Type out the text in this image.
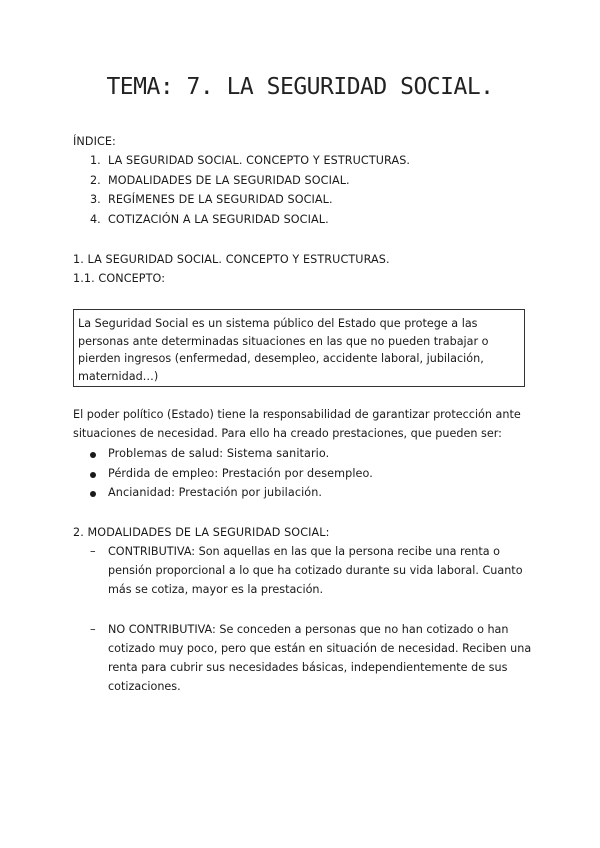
TEMA: 7. LA SEGURIDAD SOCIAL.
ÍNDICE:
1. LA SEGURIDAD SOCIAL. CONCEPTO Y ESTRUCTURAS.
2. MODALIDADES DE LA SEGURIDAD SOCIAL.
3. REGÍMENES DE LA SEGURIDAD SOCIAL.
4. COTIZACIÓN A LA SEGURIDAD SOCIAL.
1. LA SEGURIDAD SOCIAL. CONCEPTO Y ESTRUCTURAS.
1.1. CONCEPTO:
La Seguridad Social es un sistema público del Estado que protege a las
personas ante determinadas situaciones en las que no pueden trabajar o
pierden ingresos (enfermedad, desempleo, accidente laboral, jubilación,
maternidad…)
El poder político (Estado) tiene la responsabilidad de garantizar protección ante
situaciones de necesidad. Para ello ha creado prestaciones, que pueden ser:
Problemas de salud: Sistema sanitario.
Pérdida de empleo: Prestación por desempleo.
Ancianidad: Prestación por jubilación.
2. MODALIDADES DE LA SEGURIDAD SOCIAL:
– CONTRIBUTIVA: Son aquellas en las que la persona recibe una renta o
pensión proporcional a lo que ha cotizado durante su vida laboral. Cuanto
más se cotiza, mayor es la prestación.
– NO CONTRIBUTIVA: Se conceden a personas que no han cotizado o han
cotizado muy poco, pero que están en situación de necesidad. Reciben una
renta para cubrir sus necesidades básicas, independientemente de sus
cotizaciones.
